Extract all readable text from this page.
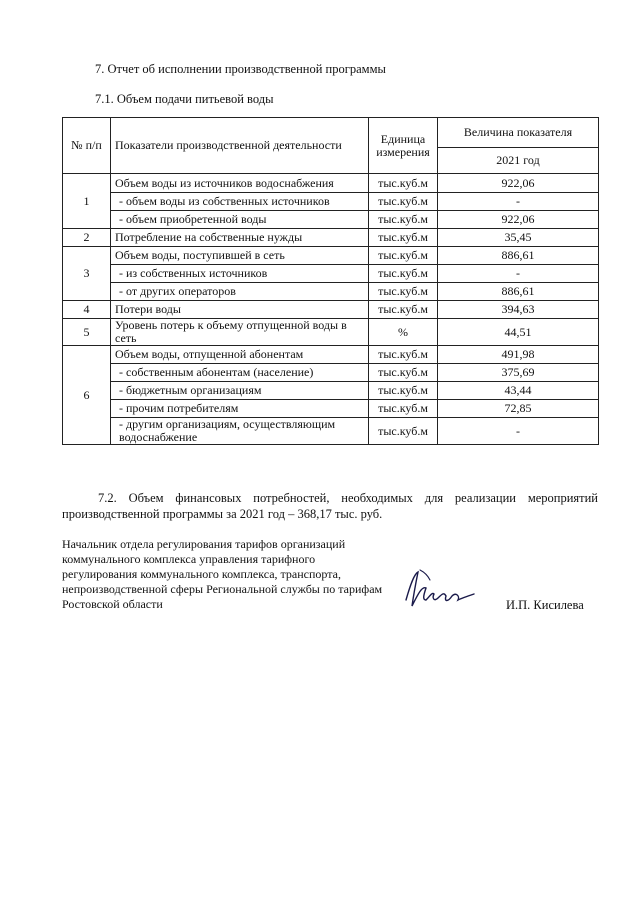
7. Отчет об исполнении производственной программы
7.1. Объем подачи питьевой воды
№ п/п	Показатели производственной деятельности	Единица измерения	Величина показателя
			2021 год
1	Объем воды из источников водоснабжения	тыс.куб.м	922,06
	- объем воды из собственных источников	тыс.куб.м	-
	- объем приобретенной воды	тыс.куб.м	922,06
2	Потребление на собственные нужды	тыс.куб.м	35,45
3	Объем воды, поступившей в сеть	тыс.куб.м	886,61
	- из собственных источников	тыс.куб.м	-
	- от других операторов	тыс.куб.м	886,61
4	Потери воды	тыс.куб.м	394,63
5	Уровень потерь к объему отпущенной воды в сеть	%	44,51
6	Объем воды, отпущенной абонентам	тыс.куб.м	491,98
	- собственным абонентам (население)	тыс.куб.м	375,69
	- бюджетным организациям	тыс.куб.м	43,44
	- прочим потребителям	тыс.куб.м	72,85
	- другим организациям, осуществляющим водоснабжение	тыс.куб.м	-
7.2. Объем финансовых потребностей, необходимых для реализации мероприятий производственной программы за 2021 год – 368,17 тыс. руб.
Начальник отдела регулирования тарифов организаций коммунального комплекса управления тарифного регулирования коммунального комплекса, транспорта, непроизводственной сферы Региональной службы по тарифам Ростовской области	И.П. Кисилева
